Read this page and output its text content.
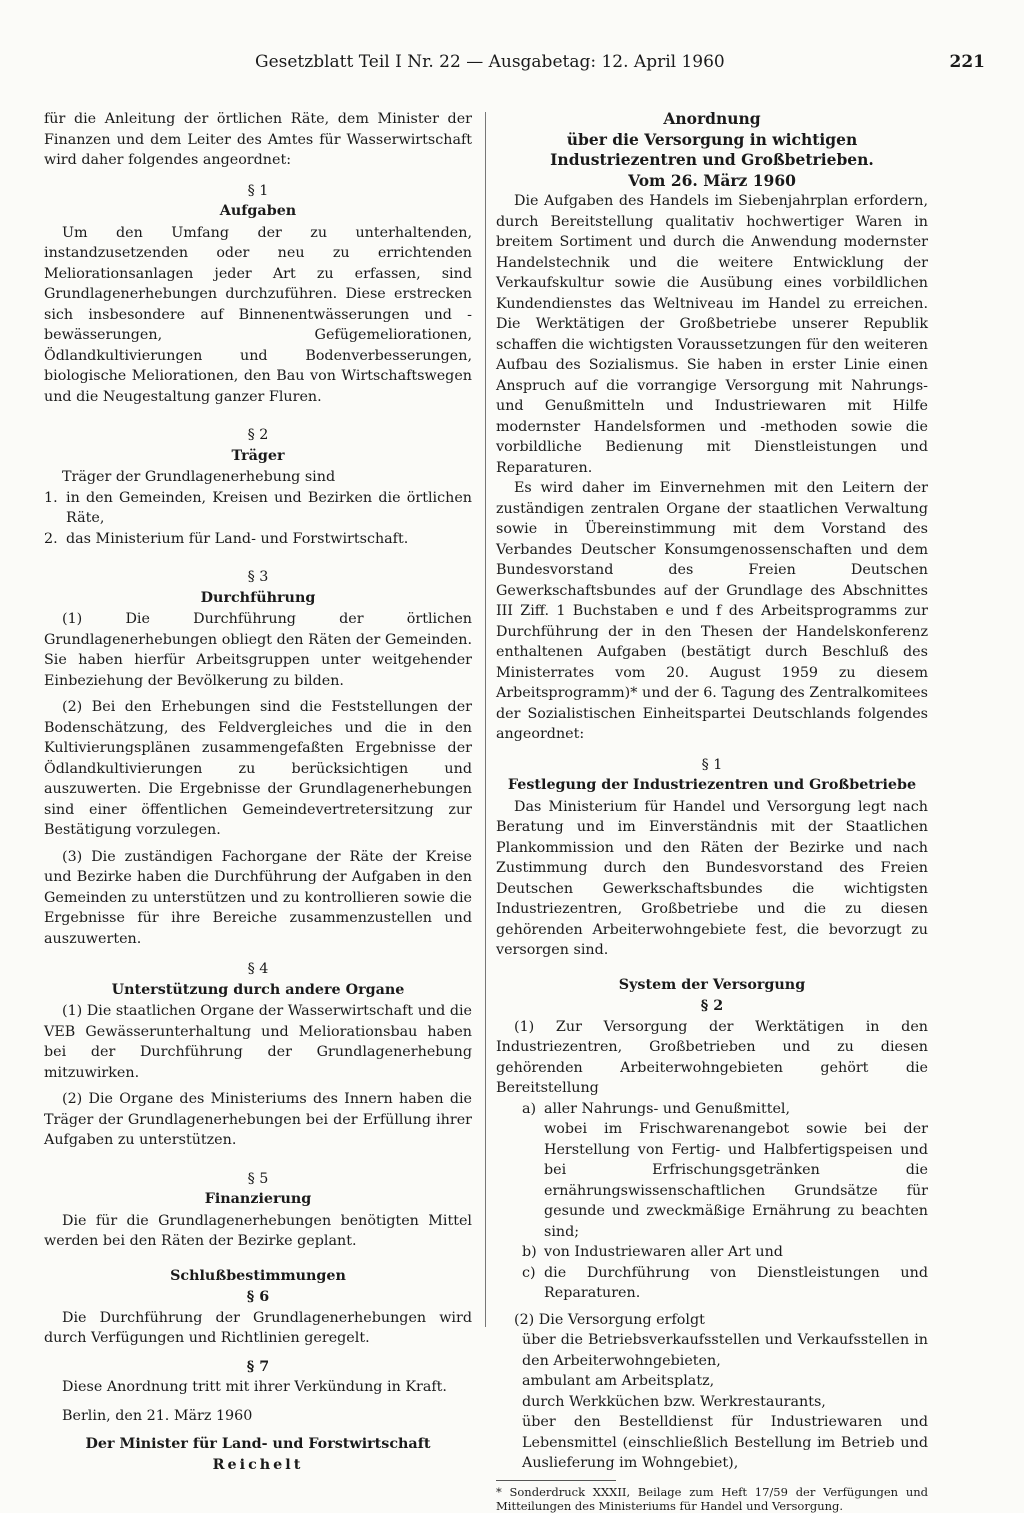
Gesetzblatt Teil I Nr. 22 — Ausgabetag: 12. April 1960	221

für die Anleitung der örtlichen Räte, dem Minister der Finanzen und dem Leiter des Amtes für Wasserwirtschaft wird daher folgendes angeordnet:

§ 1

Aufgaben

Um den Umfang der zu unterhaltenden, instandzusetzenden oder neu zu errichtenden Meliorationsanlagen jeder Art zu erfassen, sind Grundlagenerhebungen durchzuführen. Diese erstrecken sich insbesondere auf Binnenentwässerungen und -bewässerungen, Gefügemeliorationen, Ödlandkultivierungen und Bodenverbesserungen, biologische Meliorationen, den Bau von Wirtschaftswegen und die Neugestaltung ganzer Fluren.

§ 2

Träger

Träger der Grundlagenerhebung sind

1. in den Gemeinden, Kreisen und Bezirken die örtlichen Räte,
2. das Ministerium für Land- und Forstwirtschaft.

§ 3

Durchführung

(1) Die Durchführung der örtlichen Grundlagenerhebungen obliegt den Räten der Gemeinden. Sie haben hierfür Arbeitsgruppen unter weitgehender Einbeziehung der Bevölkerung zu bilden.

(2) Bei den Erhebungen sind die Feststellungen der Bodenschätzung, des Feldvergleiches und die in den Kultivierungsplänen zusammengefaßten Ergebnisse der Ödlandkultivierungen zu berücksichtigen und auszuwerten. Die Ergebnisse der Grundlagenerhebungen sind einer öffentlichen Gemeindevertretersitzung zur Bestätigung vorzulegen.

(3) Die zuständigen Fachorgane der Räte der Kreise und Bezirke haben die Durchführung der Aufgaben in den Gemeinden zu unterstützen und zu kontrollieren sowie die Ergebnisse für ihre Bereiche zusammenzustellen und auszuwerten.

§ 4

Unterstützung durch andere Organe

(1) Die staatlichen Organe der Wasserwirtschaft und die VEB Gewässerunterhaltung und Meliorationsbau haben bei der Durchführung der Grundlagenerhebung mitzuwirken.

(2) Die Organe des Ministeriums des Innern haben die Träger der Grundlagenerhebungen bei der Erfüllung ihrer Aufgaben zu unterstützen.

§ 5

Finanzierung

Die für die Grundlagenerhebungen benötigten Mittel werden bei den Räten der Bezirke geplant.

Schlußbestimmungen

§ 6

Die Durchführung der Grundlagenerhebungen wird durch Verfügungen und Richtlinien geregelt.

§ 7

Diese Anordnung tritt mit ihrer Verkündung in Kraft.

Berlin, den 21. März 1960

Der Minister für Land- und Forstwirtschaft

Reichelt

Anordnung

über die Versorgung in wichtigen Industriezentren und Großbetrieben.

Vom 26. März 1960

Die Aufgaben des Handels im Siebenjahrplan erfordern, durch Bereitstellung qualitativ hochwertiger Waren in breitem Sortiment und durch die Anwendung modernster Handelstechnik und die weitere Entwicklung der Verkaufskultur sowie die Ausübung eines vorbildlichen Kundendienstes das Weltniveau im Handel zu erreichen. Die Werktätigen der Großbetriebe unserer Republik schaffen die wichtigsten Voraussetzungen für den weiteren Aufbau des Sozialismus. Sie haben in erster Linie einen Anspruch auf die vorrangige Versorgung mit Nahrungs- und Genußmitteln und Industriewaren mit Hilfe modernster Handelsformen und -methoden sowie die vorbildliche Bedienung mit Dienstleistungen und Reparaturen.

Es wird daher im Einvernehmen mit den Leitern der zuständigen zentralen Organe der staatlichen Verwaltung sowie in Übereinstimmung mit dem Vorstand des Verbandes Deutscher Konsumgenossenschaften und dem Bundesvorstand des Freien Deutschen Gewerkschaftsbundes auf der Grundlage des Abschnittes III Ziff. 1 Buchstaben e und f des Arbeitsprogramms zur Durchführung der in den Thesen der Handelskonferenz enthaltenen Aufgaben (bestätigt durch Beschluß des Ministerrates vom 20. August 1959 zu diesem Arbeitsprogramm)* und der 6. Tagung des Zentralkomitees der Sozialistischen Einheitspartei Deutschlands folgendes angeordnet:

§ 1

Festlegung der Industriezentren und Großbetriebe

Das Ministerium für Handel und Versorgung legt nach Beratung und im Einverständnis mit der Staatlichen Plankommission und den Räten der Bezirke und nach Zustimmung durch den Bundesvorstand des Freien Deutschen Gewerkschaftsbundes die wichtigsten Industriezentren, Großbetriebe und die zu diesen gehörenden Arbeiterwohngebiete fest, die bevorzugt zu versorgen sind.

System der Versorgung

§ 2

(1) Zur Versorgung der Werktätigen in den Industriezentren, Großbetrieben und zu diesen gehörenden Arbeiterwohngebieten gehört die Bereitstellung

a) aller Nahrungs- und Genußmittel,

wobei im Frischwarenangebot sowie bei der Herstellung von Fertig- und Halbfertigspeisen und bei Erfrischungsgetränken die ernährungswissenschaftlichen Grundsätze für gesunde und zweckmäßige Ernährung zu beachten sind;

b) von Industriewaren aller Art und
c) die Durchführung von Dienstleistungen und Reparaturen.

(2) Die Versorgung erfolgt

über die Betriebsverkaufsstellen und Verkaufsstellen in den Arbeiterwohngebieten,

ambulant am Arbeitsplatz,

durch Werkküchen bzw. Werkrestaurants,

über den Bestelldienst für Industriewaren und Lebensmittel (einschließlich Bestellung im Betrieb und Auslieferung im Wohngebiet),

* Sonderdruck XXXII, Beilage zum Heft 17/59 der Verfügungen und Mitteilungen des Ministeriums für Handel und Versorgung.
